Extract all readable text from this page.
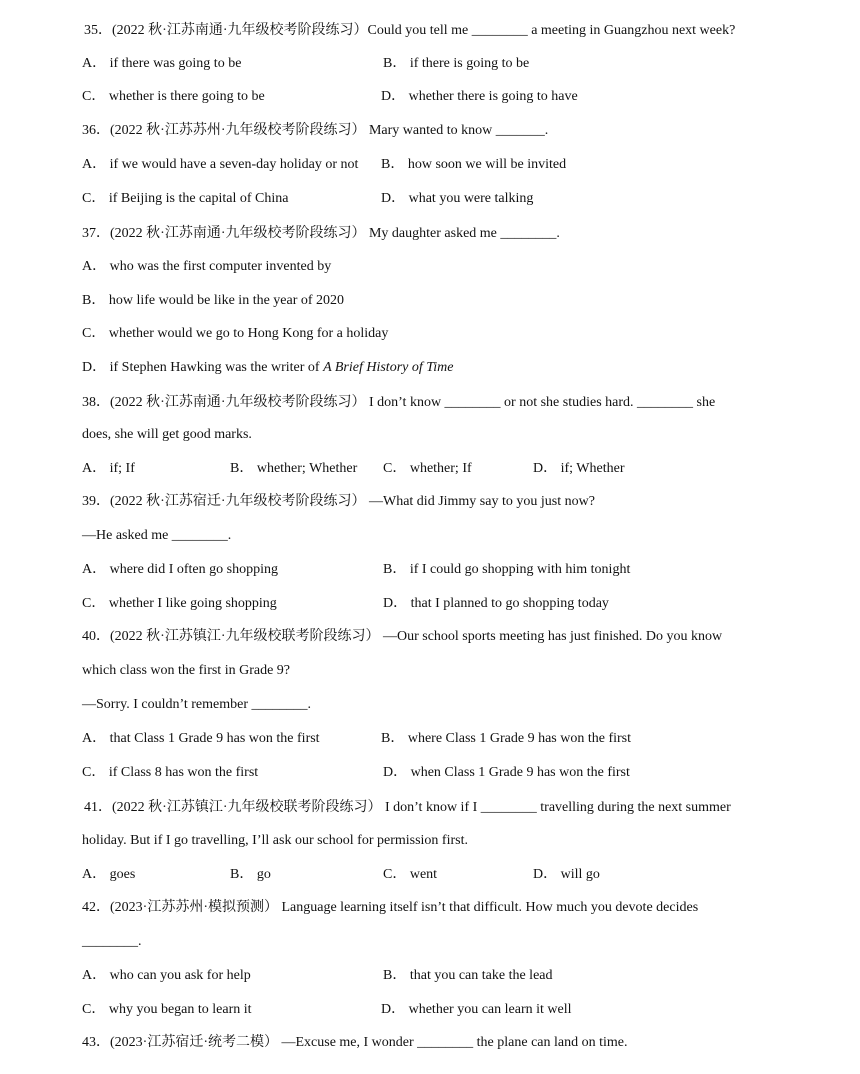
35．(2022 秋·江苏南通·九年级校考阶段练习）Could you tell me ________ a meeting in Guangzhou next week?
A． if there was going to be	B． if there is going to be
C． whether is there going to be	D． whether there is going to have
36．(2022 秋·江苏苏州·九年级校考阶段练习） Mary wanted to know _______.
A． if we would have a seven-day holiday or not B． how soon we will be invited
C． if Beijing is the capital of China	D． what you were talking
37．(2022 秋·江苏南通·九年级校考阶段练习） My daughter asked me ________.
A． who was the first computer invented by
B． how life would be like in the year of 2020
C． whether would we go to Hong Kong for a holiday
D． if Stephen Hawking was the writer of A Brief History of Time
38．(2022 秋·江苏南通·九年级校考阶段练习） I don’t know ________ or not she studies hard. ________ she
does, she will get good marks.
A． if; If	B． whether; Whether C． whether; If	D． if; Whether
39．(2022 秋·江苏宿迁·九年级校考阶段练习） —What did Jimmy say to you just now?
—He asked me ________.
A． where did I often go shopping	B． if I could go shopping with him tonight
C． whether I like going shopping	D． that I planned to go shopping today
40．(2022 秋·江苏镇江·九年级校联考阶段练习） —Our school sports meeting has just finished. Do you know
which class won the first in Grade 9?
—Sorry. I couldn’t remember ________.
A． that Class 1 Grade 9 has won the first	B． where Class 1 Grade 9 has won the first
C． if Class 8 has won the first	D． when Class 1 Grade 9 has won the first
41．(2022 秋·江苏镇江·九年级校联考阶段练习） I don’t know if I ________ travelling during the next summer
holiday. But if I go travelling, I’ll ask our school for permission first.
A． goes	B． go	C． went	D． will go
42．(2023·江苏苏州·模拟预测） Language learning itself isn’t that difficult. How much you devote decides
________.
A． who can you ask for help	B． that you can take the lead
C． why you began to learn it	D． whether you can learn it well
43．(2023·江苏宿迁·统考二模） —Excuse me, I wonder ________ the plane can land on time.
